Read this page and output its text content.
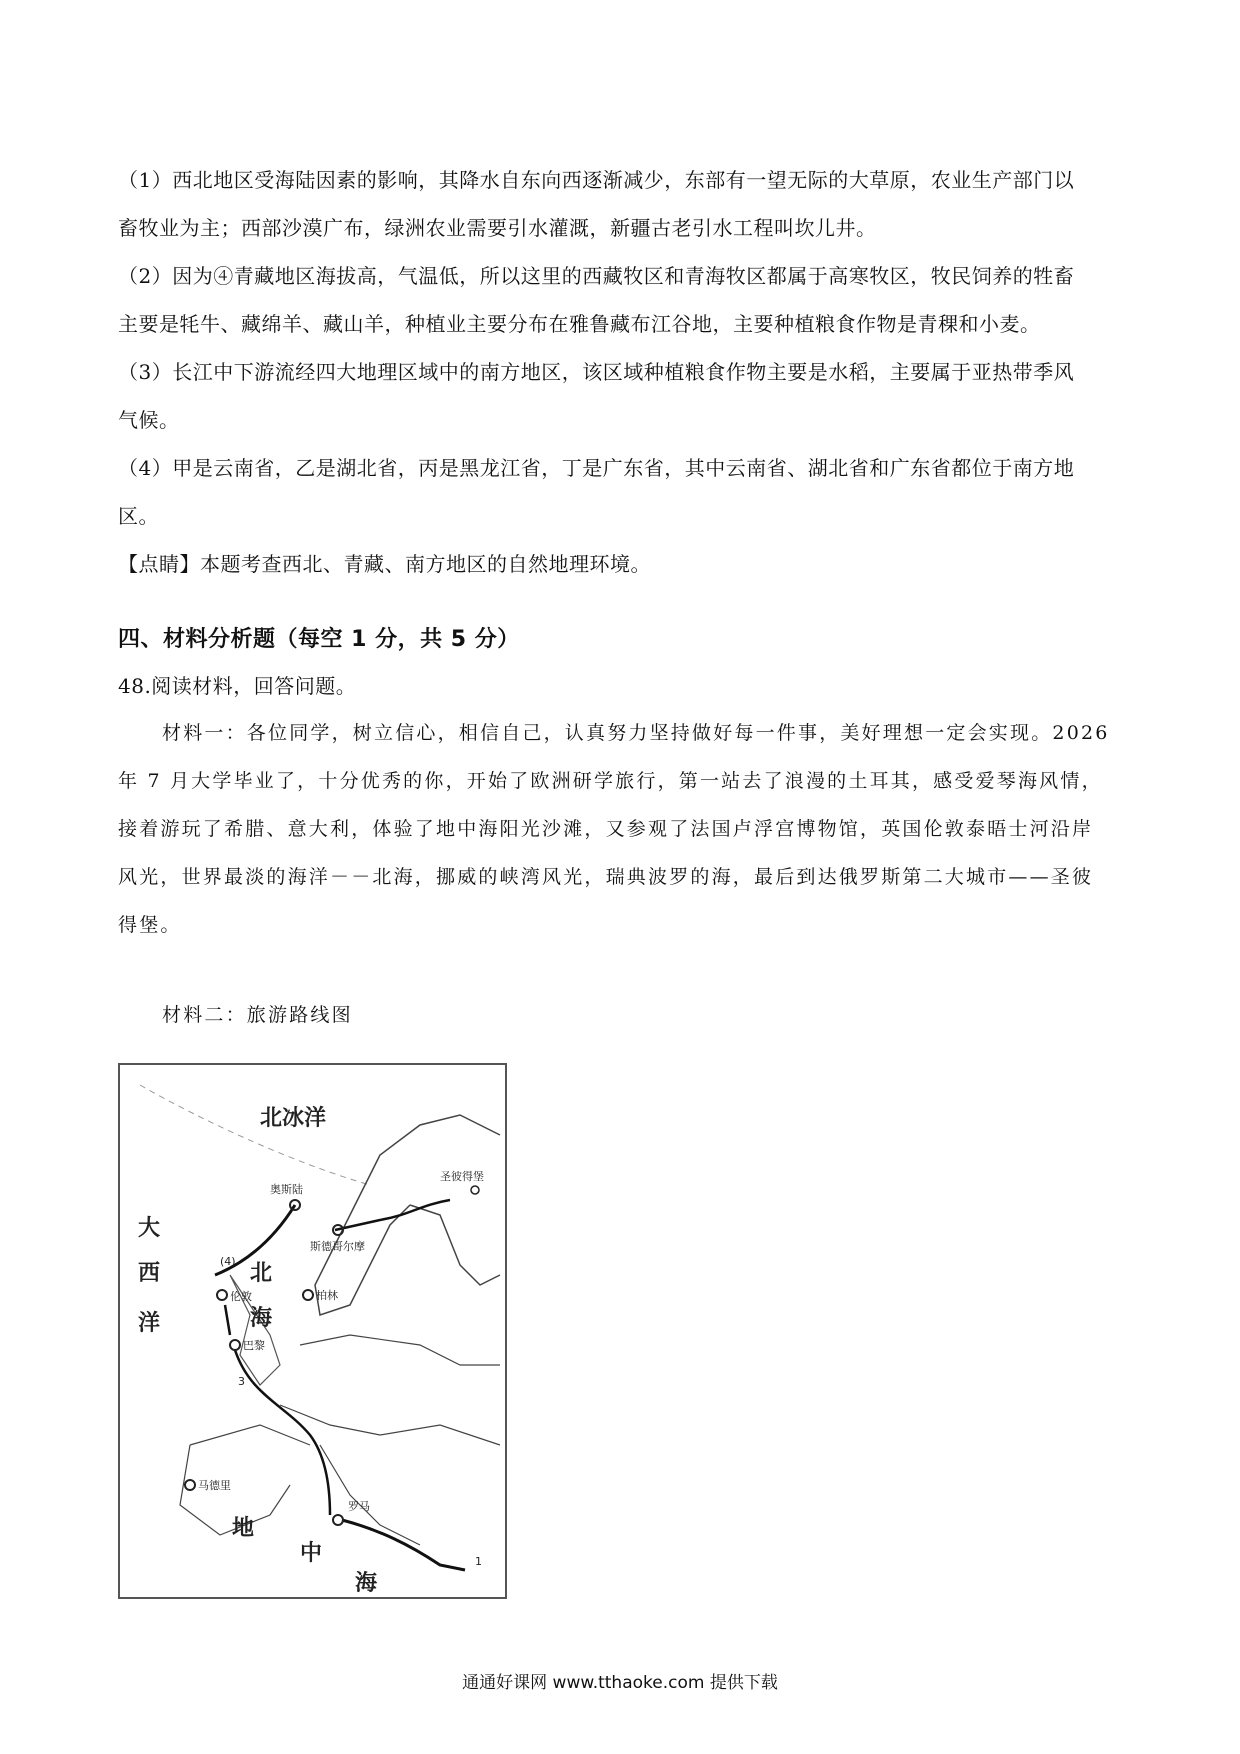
（1）西北地区受海陆因素的影响，其降水自东向西逐渐减少，东部有一望无际的大草原，农业生产部门以
畜牧业为主；西部沙漠广布，绿洲农业需要引水灌溉，新疆古老引水工程叫坎儿井。
（2）因为④青藏地区海拔高，气温低，所以这里的西藏牧区和青海牧区都属于高寒牧区，牧民饲养的牲畜
主要是牦牛、藏绵羊、藏山羊，种植业主要分布在雅鲁藏布江谷地，主要种植粮食作物是青稞和小麦。
（3）长江中下游流经四大地理区域中的南方地区，该区域种植粮食作物主要是水稻，主要属于亚热带季风
气候。
（4）甲是云南省，乙是湖北省，丙是黑龙江省，丁是广东省，其中云南省、湖北省和广东省都位于南方地
区。
【点睛】本题考查西北、青藏、南方地区的自然地理环境。
四、材料分析题（每空 1 分，共 5 分）
48.阅读材料，回答问题。
材料一：各位同学，树立信心，相信自己，认真努力坚持做好每一件事，美好理想一定会实现。2026
年 7 月大学毕业了，十分优秀的你，开始了欧洲研学旅行，第一站去了浪漫的土耳其，感受爱琴海风情，
接着游玩了希腊、意大利，体验了地中海阳光沙滩，又参观了法国卢浮宫博物馆，英国伦敦泰晤士河沿岸
风光，世界最淡的海洋－－北海，挪威的峡湾风光，瑞典波罗的海，最后到达俄罗斯第二大城市——圣彼
得堡。
材料二：旅游路线图
北冰洋
大
西
洋
北
海
地
中
海
奥斯陆
斯德哥尔摩
圣彼得堡
伦敦
巴黎
柏林
马德里
罗马
1
3
(4)
通通好课网 www.tthaoke.com 提供下载
